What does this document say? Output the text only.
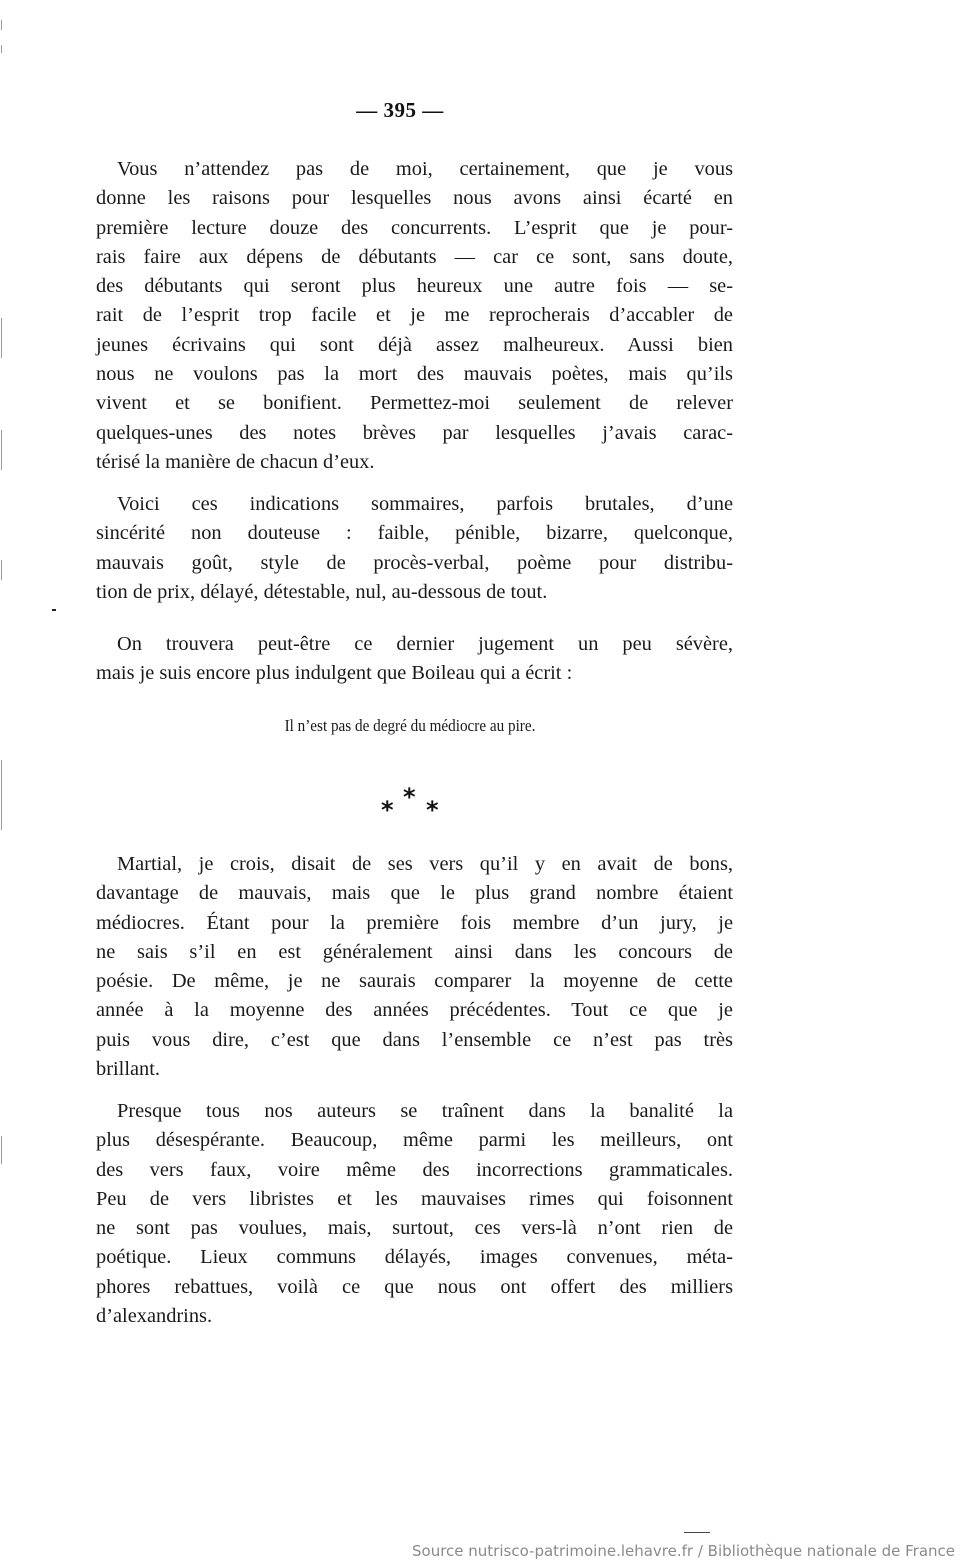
— 395 —
Vous n’attendez pas de moi, certainement, que je vous
donne les raisons pour lesquelles nous avons ainsi écarté en
première lecture douze des concurrents. L’esprit que je pour-
rais faire aux dépens de débutants — car ce sont, sans doute,
des débutants qui seront plus heureux une autre fois — se-
rait de l’esprit trop facile et je me reprocherais d’accabler de
jeunes écrivains qui sont déjà assez malheureux. Aussi bien
nous ne voulons pas la mort des mauvais poètes, mais qu’ils
vivent et se bonifient. Permettez-moi seulement de relever
quelques-unes des notes brèves par lesquelles j’avais carac-
térisé la manière de chacun d’eux.
Voici ces indications sommaires, parfois brutales, d’une
sincérité non douteuse : faible, pénible, bizarre, quelconque,
mauvais goût, style de procès-verbal, poème pour distribu-
tion de prix, délayé, détestable, nul, au-dessous de tout.
On trouvera peut-être ce dernier jugement un peu sévère,
mais je suis encore plus indulgent que Boileau qui a écrit :
Il n’est pas de degré du médiocre au pire.
* * *
Martial, je crois, disait de ses vers qu’il y en avait de bons,
davantage de mauvais, mais que le plus grand nombre étaient
médiocres. Étant pour la première fois membre d’un jury, je
ne sais s’il en est généralement ainsi dans les concours de
poésie. De même, je ne saurais comparer la moyenne de cette
année à la moyenne des années précédentes. Tout ce que je
puis vous dire, c’est que dans l’ensemble ce n’est pas très
brillant.
Presque tous nos auteurs se traînent dans la banalité la
plus désespérante. Beaucoup, même parmi les meilleurs, ont
des vers faux, voire même des incorrections grammaticales.
Peu de vers libristes et les mauvaises rimes qui foisonnent
ne sont pas voulues, mais, surtout, ces vers-là n’ont rien de
poétique. Lieux communs délayés, images convenues, méta-
phores rebattues, voilà ce que nous ont offert des milliers
d’alexandrins.
Source nutrisco-patrimoine.lehavre.fr / Bibliothèque nationale de France
